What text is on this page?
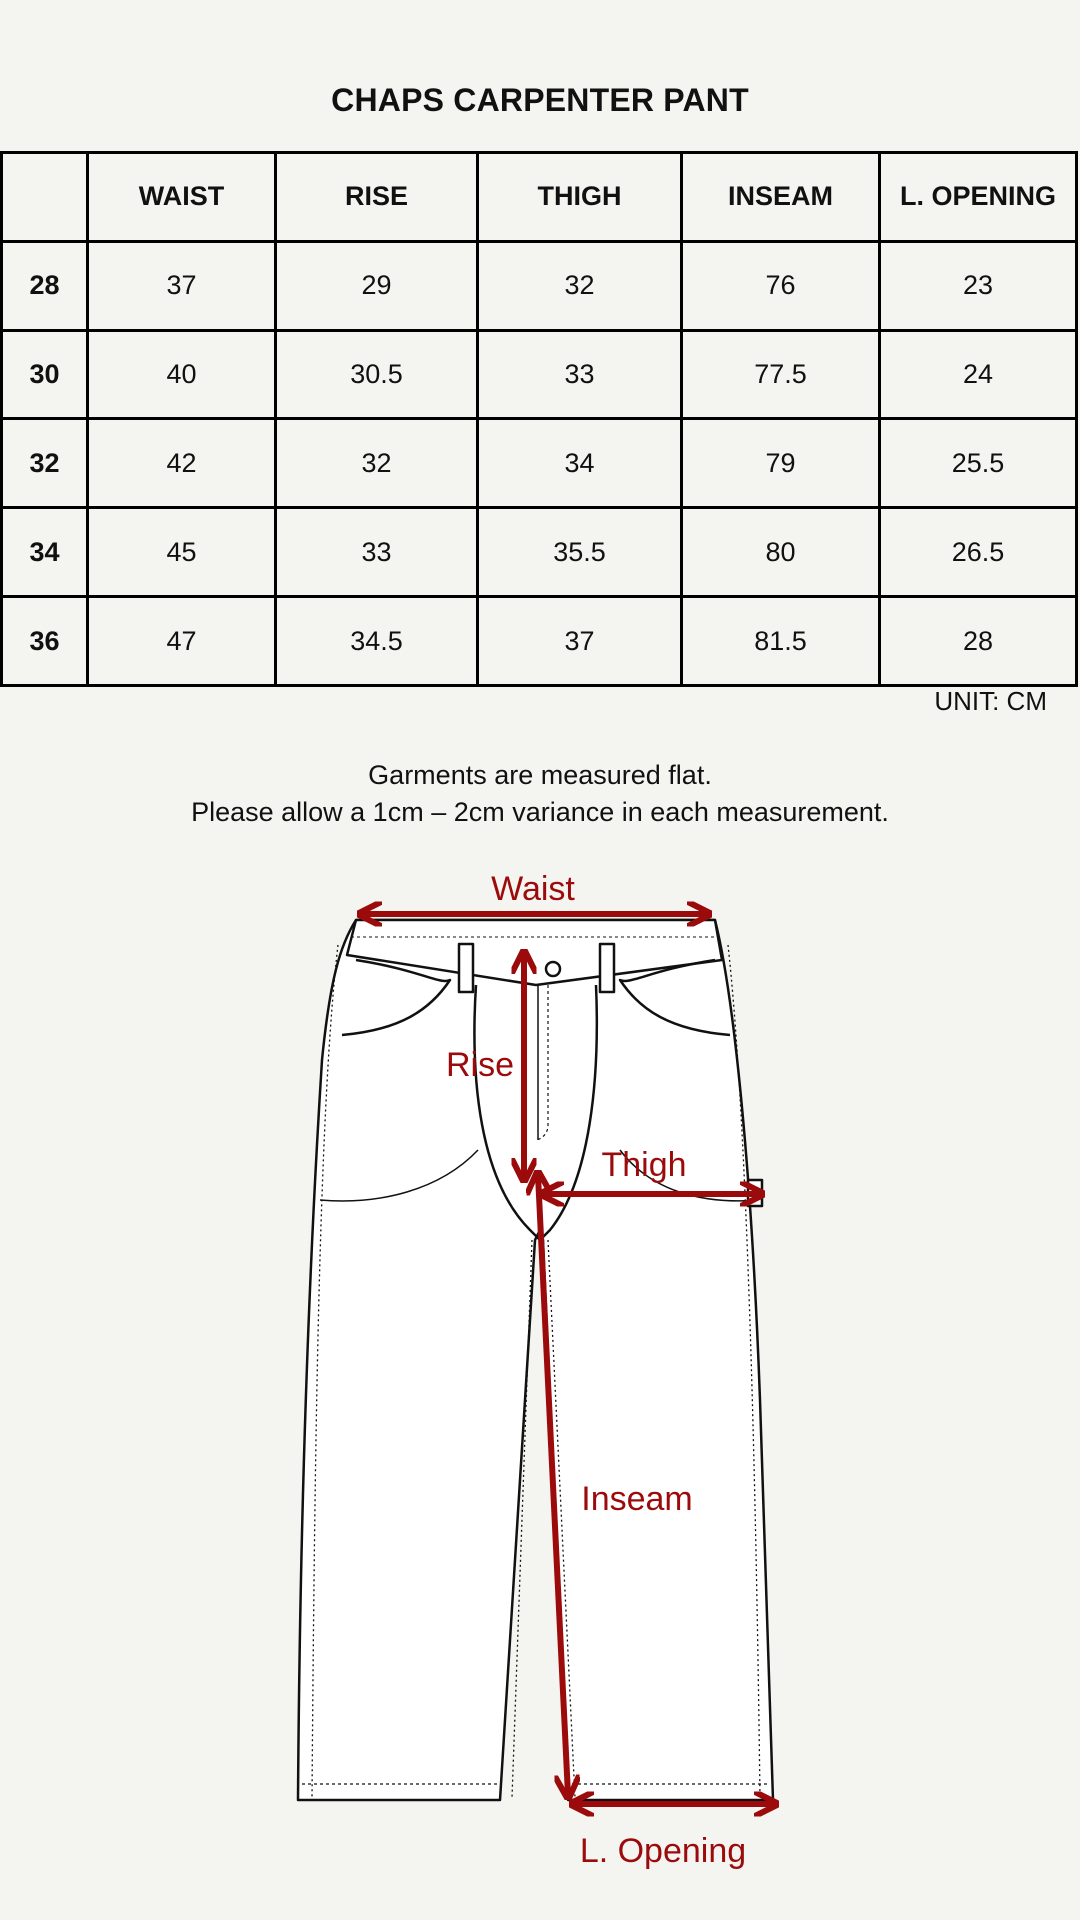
CHAPS CARPENTER PANT
	WAIST	RISE	THIGH	INSEAM	L. OPENING
28	37	29	32	76	23
30	40	30.5	33	77.5	24
32	42	32	34	79	25.5
34	45	33	35.5	80	26.5
36	47	34.5	37	81.5	28
UNIT: CM
Garments are measured flat.
Please allow a 1cm – 2cm variance in each measurement.
Waist
Rise
Thigh
Inseam
L. Opening
